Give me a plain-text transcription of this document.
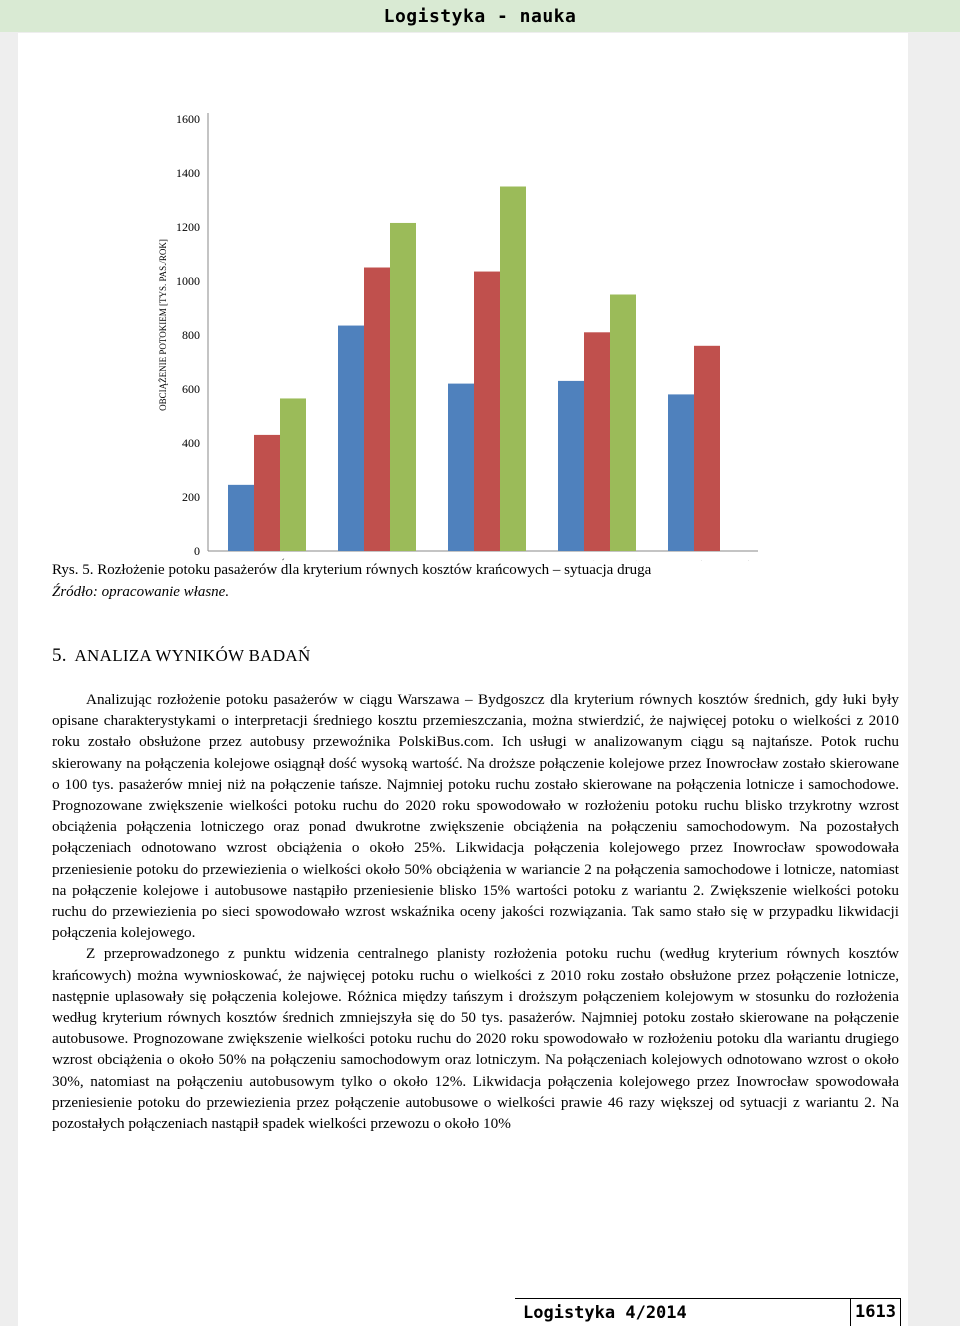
Logistyka - nauka
0
200
400
600
800
1000
1200
1400
1600
OBCIĄŻENIE POTOKIEM [TYS. PAS./ROK]
Rys. 5. Rozłożenie potoku pasażerów dla kryterium równych kosztów krańcowych – sytuacja druga
Źródło: opracowanie własne.
5. ANALIZA WYNIKÓW BADAŃ

Analizując rozłożenie potoku pasażerów w ciągu Warszawa – Bydgoszcz dla kryterium równych kosztów średnich, gdy łuki były opisane charakterystykami o interpretacji średniego kosztu przemieszczania, można stwierdzić, że najwięcej potoku o wielkości z 2010 roku zostało obsłużone przez autobusy przewoźnika PolskiBus.com. Ich usługi w analizowanym ciągu są najtańsze. Potok ruchu skierowany na połączenia kolejowe osiągnął dość wysoką wartość. Na droższe połączenie kolejowe przez Inowrocław zostało skierowane o 100 tys. pasażerów mniej niż na połączenie tańsze. Najmniej potoku ruchu zostało skierowane na połączenia lotnicze i samochodowe. Prognozowane zwiększenie wielkości potoku ruchu do 2020 roku spowodowało w rozłożeniu potoku ruchu blisko trzykrotny wzrost obciążenia połączenia lotniczego oraz ponad dwukrotne zwiększenie obciążenia na połączeniu samochodowym. Na pozostałych połączeniach odnotowano wzrost obciążenia o około 25%. Likwidacja połączenia kolejowego przez Inowrocław spowodowała przeniesienie potoku do przewiezienia o wielkości około 50% obciążenia w wariancie 2 na połączenia samochodowe i lotnicze, natomiast na połączenie kolejowe i autobusowe nastąpiło przeniesienie blisko 15% wartości potoku z wariantu 2. Zwiększenie wielkości potoku ruchu do przewiezienia po sieci spowodowało wzrost wskaźnika oceny jakości rozwiązania. Tak samo stało się w przypadku likwidacji połączenia kolejowego.

Z przeprowadzonego z punktu widzenia centralnego planisty rozłożenia potoku ruchu (według kryterium równych kosztów krańcowych) można wywnioskować, że najwięcej potoku ruchu o wielkości z 2010 roku zostało obsłużone przez połączenie lotnicze, następnie uplasowały się połączenia kolejowe. Różnica między tańszym i droższym połączeniem kolejowym w stosunku do rozłożenia według kryterium równych kosztów średnich zmniejszyła się do 50 tys. pasażerów. Najmniej potoku zostało skierowane na połączenie autobusowe. Prognozowane zwiększenie wielkości potoku ruchu do 2020 roku spowodowało w rozłożeniu potoku dla wariantu drugiego wzrost obciążenia o około 50% na połączeniu samochodowym oraz lotniczym. Na połączeniach kolejowych odnotowano wzrost o około 30%, natomiast na połączeniu autobusowym tylko o około 12%. Likwidacja połączenia kolejowego przez Inowrocław spowodowała przeniesienie potoku do przewiezienia przez połączenie autobusowe o wielkości prawie 46 razy większej od sytuacji z wariantu 2. Na pozostałych połączeniach nastąpił spadek wielkości przewozu o około 10%

Logistyka 4/2014	1613
